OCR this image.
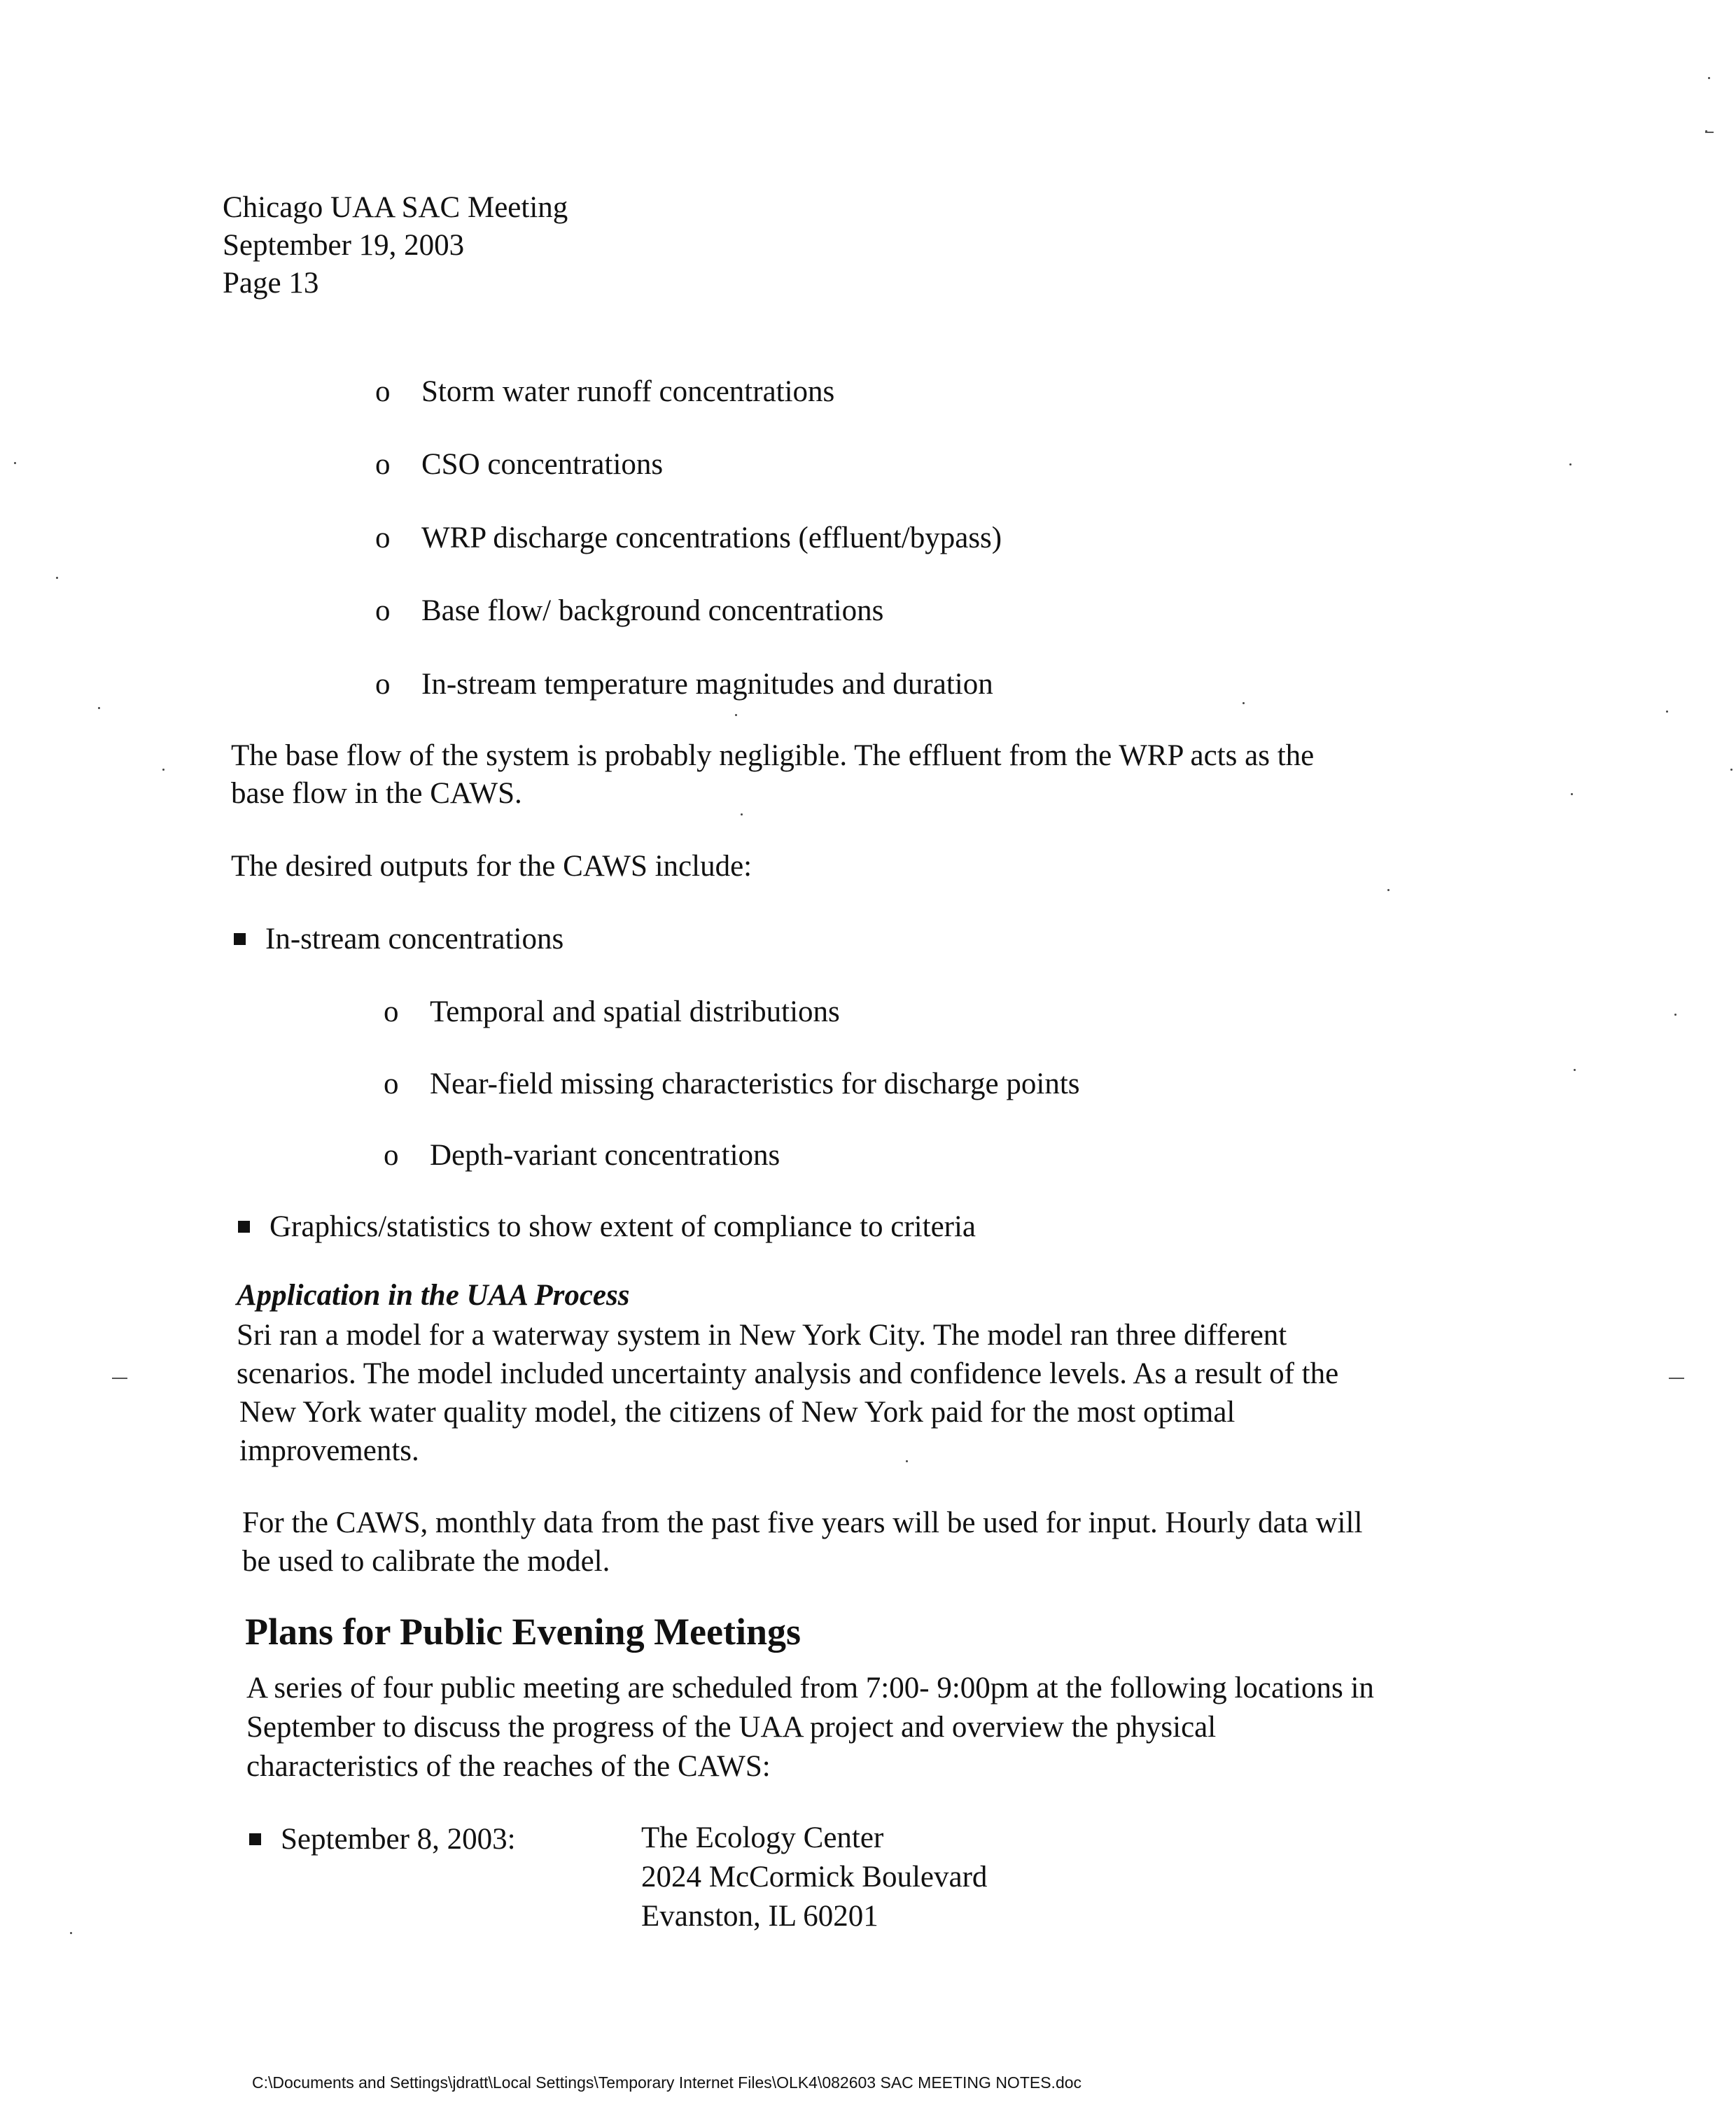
Chicago UAA SAC Meeting
September 19, 2003
Page 13
o Storm water runoff concentrations
o CSO concentrations
o WRP discharge concentrations (effluent/bypass)
o Base flow/ background concentrations
o In-stream temperature magnitudes and duration
The base flow of the system is probably negligible. The effluent from the WRP acts as the
base flow in the CAWS.
The desired outputs for the CAWS include:
In-stream concentrations
o Temporal and spatial distributions
o Near-field missing characteristics for discharge points
o Depth-variant concentrations
Graphics/statistics to show extent of compliance to criteria
Application in the UAA Process
Sri ran a model for a waterway system in New York City. The model ran three different
scenarios. The model included uncertainty analysis and confidence levels. As a result of the
New York water quality model, the citizens of New York paid for the most optimal
improvements.
For the CAWS, monthly data from the past five years will be used for input. Hourly data will
be used to calibrate the model.
Plans for Public Evening Meetings
A series of four public meeting are scheduled from 7:00- 9:00pm at the following locations in
September to discuss the progress of the UAA project and overview the physical
characteristics of the reaches of the CAWS:
September 8, 2003:	The Ecology Center
2024 McCormick Boulevard
Evanston, IL 60201
C:\Documents and Settings\jdratt\Local Settings\Temporary Internet Files\OLK4\082603 SAC MEETING NOTES.doc
